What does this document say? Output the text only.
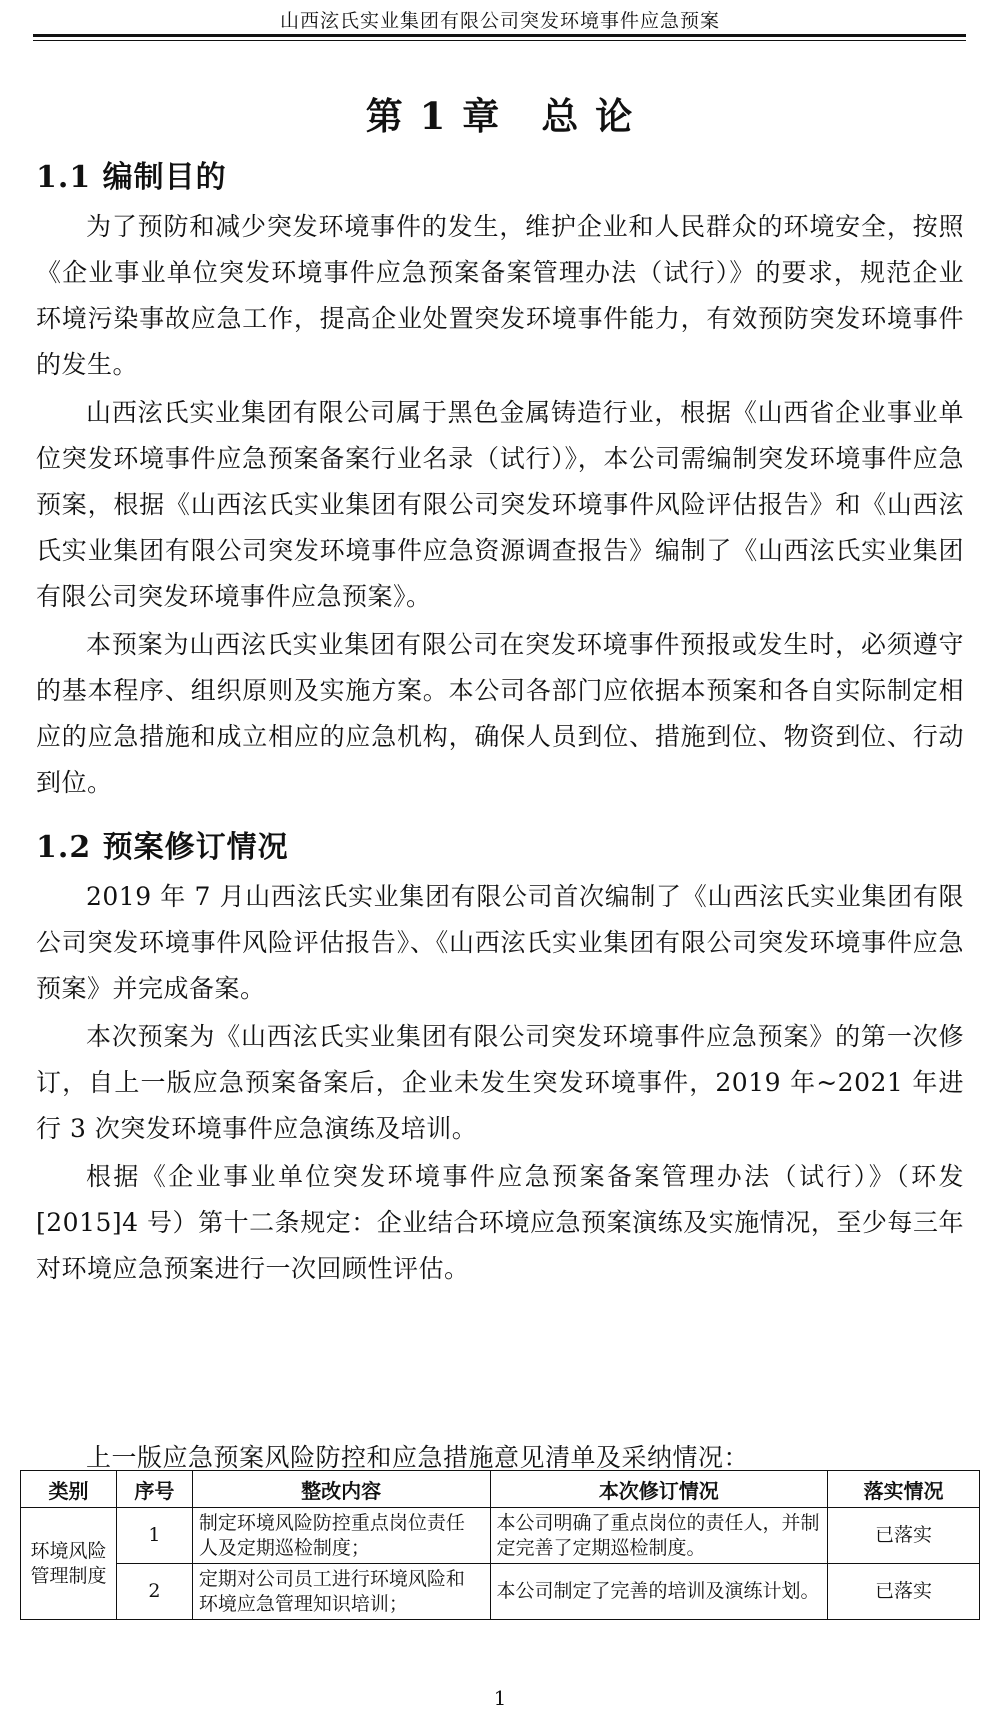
山西泫氏实业集团有限公司突发环境事件应急预案
第 1 章 总 论
1.1 编制目的

为了预防和减少突发环境事件的发生，维护企业和人民群众的环境安全，按照《企业事业单位突发环境事件应急预案备案管理办法（试行）》的要求，规范企业环境污染事故应急工作，提高企业处置突发环境事件能力，有效预防突发环境事件的发生。

山西泫氏实业集团有限公司属于黑色金属铸造行业，根据《山西省企业事业单位突发环境事件应急预案备案行业名录（试行）》，本公司需编制突发环境事件应急预案，根据《山西泫氏实业集团有限公司突发环境事件风险评估报告》和《山西泫氏实业集团有限公司突发环境事件应急资源调查报告》编制了《山西泫氏实业集团有限公司突发环境事件应急预案》。

本预案为山西泫氏实业集团有限公司在突发环境事件预报或发生时，必须遵守的基本程序、组织原则及实施方案。本公司各部门应依据本预案和各自实际制定相应的应急措施和成立相应的应急机构，确保人员到位、措施到位、物资到位、行动到位。

1.2 预案修订情况

2019 年 7 月山西泫氏实业集团有限公司首次编制了《山西泫氏实业集团有限公司突发环境事件风险评估报告》、《山西泫氏实业集团有限公司突发环境事件应急预案》并完成备案。

本次预案为《山西泫氏实业集团有限公司突发环境事件应急预案》的第一次修订，自上一版应急预案备案后，企业未发生突发环境事件，2019 年~2021 年进行 3 次突发环境事件应急演练及培训。

根据《企业事业单位突发环境事件应急预案备案管理办法（试行）》（环发[2015]4 号）第十二条规定：企业结合环境应急预案演练及实施情况，至少每三年对环境应急预案进行一次回顾性评估。

上一版应急预案风险防控和应急措施意见清单及采纳情况：
类别	序号	整改内容	本次修订情况	落实情况
环境风险管理制度	1	制定环境风险防控重点岗位责任人及定期巡检制度；	本公司明确了重点岗位的责任人，并制定完善了定期巡检制度。	已落实
	2	定期对公司员工进行环境风险和环境应急管理知识培训；	本公司制定了完善的培训及演练计划。	已落实
1
